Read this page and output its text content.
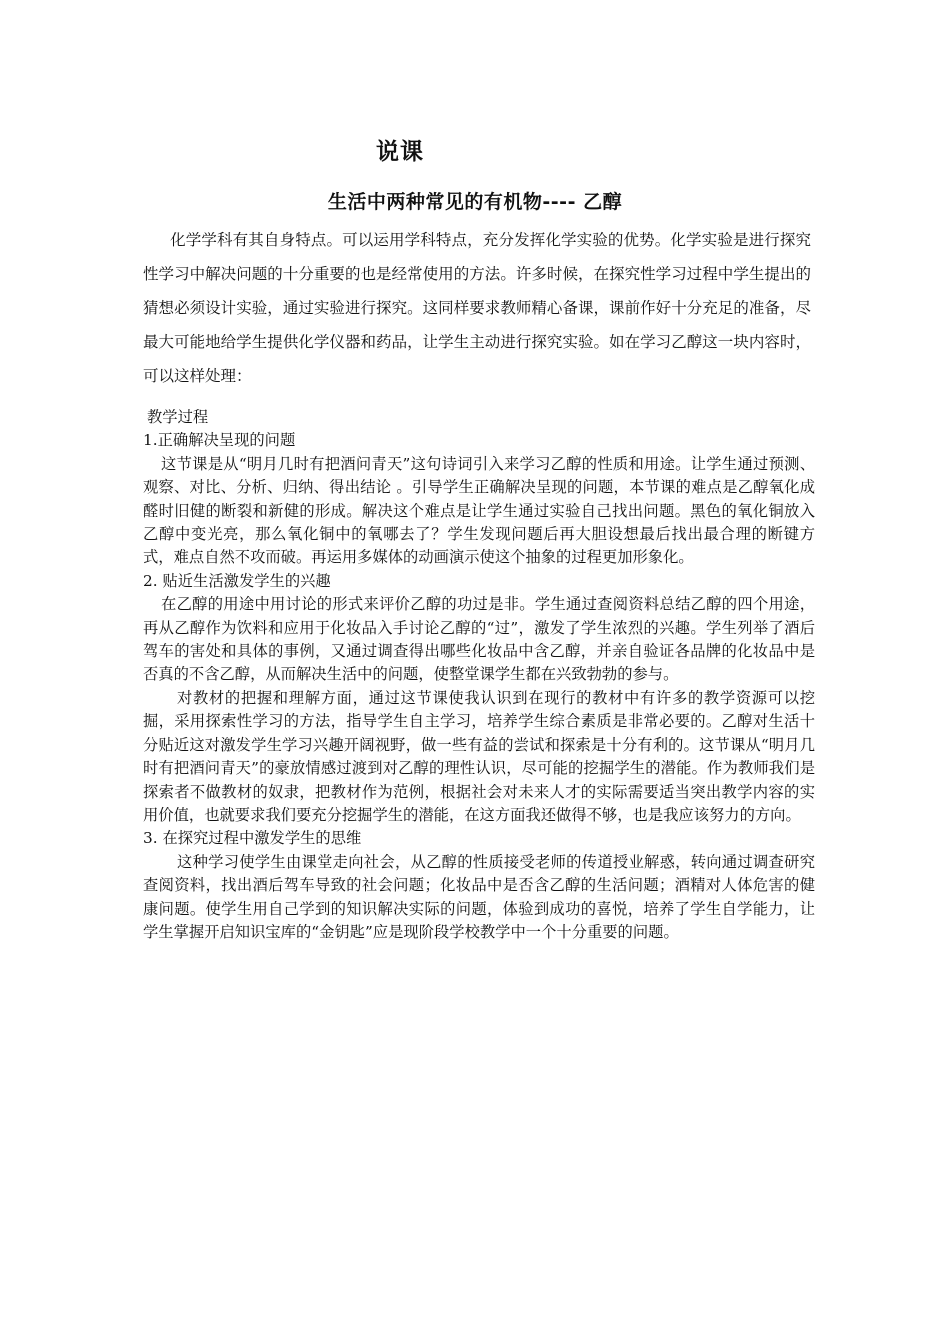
说课
生活中两种常见的有机物---- 乙醇
化学学科有其自身特点。可以运用学科特点，充分发挥化学实验的优势。化学实验是进行探究性学习中解决问题的十分重要的也是经常使用的方法。许多时候，在探究性学习过程中学生提出的猜想必须设计实验，通过实验进行探究。这同样要求教师精心备课，课前作好十分充足的准备，尽最大可能地给学生提供化学仪器和药品，让学生主动进行探究实验。如在学习乙醇这一块内容时，可以这样处理：

教学过程

1.正确解决呈现的问题

这节课是从“明月几时有把酒问青天”这句诗词引入来学习乙醇的性质和用途。让学生通过预测、观察、对比、分析、归纳、得出结论 。引导学生正确解决呈现的问题，本节课的难点是乙醇氧化成醛时旧健的断裂和新健的形成。解决这个难点是让学生通过实验自己找出问题。黑色的氧化铜放入乙醇中变光亮，那么氧化铜中的氧哪去了？学生发现问题后再大胆设想最后找出最合理的断键方式，难点自然不攻而破。再运用多媒体的动画演示使这个抽象的过程更加形象化。

2. 贴近生活激发学生的兴趣

在乙醇的用途中用讨论的形式来评价乙醇的功过是非。学生通过查阅资料总结乙醇的四个用途，再从乙醇作为饮料和应用于化妆品入手讨论乙醇的“过”，激发了学生浓烈的兴趣。学生列举了酒后驾车的害处和具体的事例，又通过调查得出哪些化妆品中含乙醇，并亲自验证各品牌的化妆品中是否真的不含乙醇，从而解决生活中的问题，使整堂课学生都在兴致勃勃的参与。

对教材的把握和理解方面，通过这节课使我认识到在现行的教材中有许多的教学资源可以挖掘，采用探索性学习的方法，指导学生自主学习，培养学生综合素质是非常必要的。乙醇对生活十分贴近这对激发学生学习兴趣开阔视野，做一些有益的尝试和探索是十分有利的。这节课从“明月几时有把酒问青天”的豪放情感过渡到对乙醇的理性认识，尽可能的挖掘学生的潜能。作为教师我们是探索者不做教材的奴隶，把教材作为范例，根据社会对未来人才的实际需要适当突出教学内容的实用价值，也就要求我们要充分挖掘学生的潜能，在这方面我还做得不够，也是我应该努力的方向。

3. 在探究过程中激发学生的思维

这种学习使学生由课堂走向社会，从乙醇的性质接受老师的传道授业解惑，转向通过调查研究查阅资料，找出酒后驾车导致的社会问题；化妆品中是否含乙醇的生活问题；酒精对人体危害的健康问题。使学生用自己学到的知识解决实际的问题，体验到成功的喜悦，培养了学生自学能力，让学生掌握开启知识宝库的“金钥匙”应是现阶段学校教学中一个十分重要的问题。
